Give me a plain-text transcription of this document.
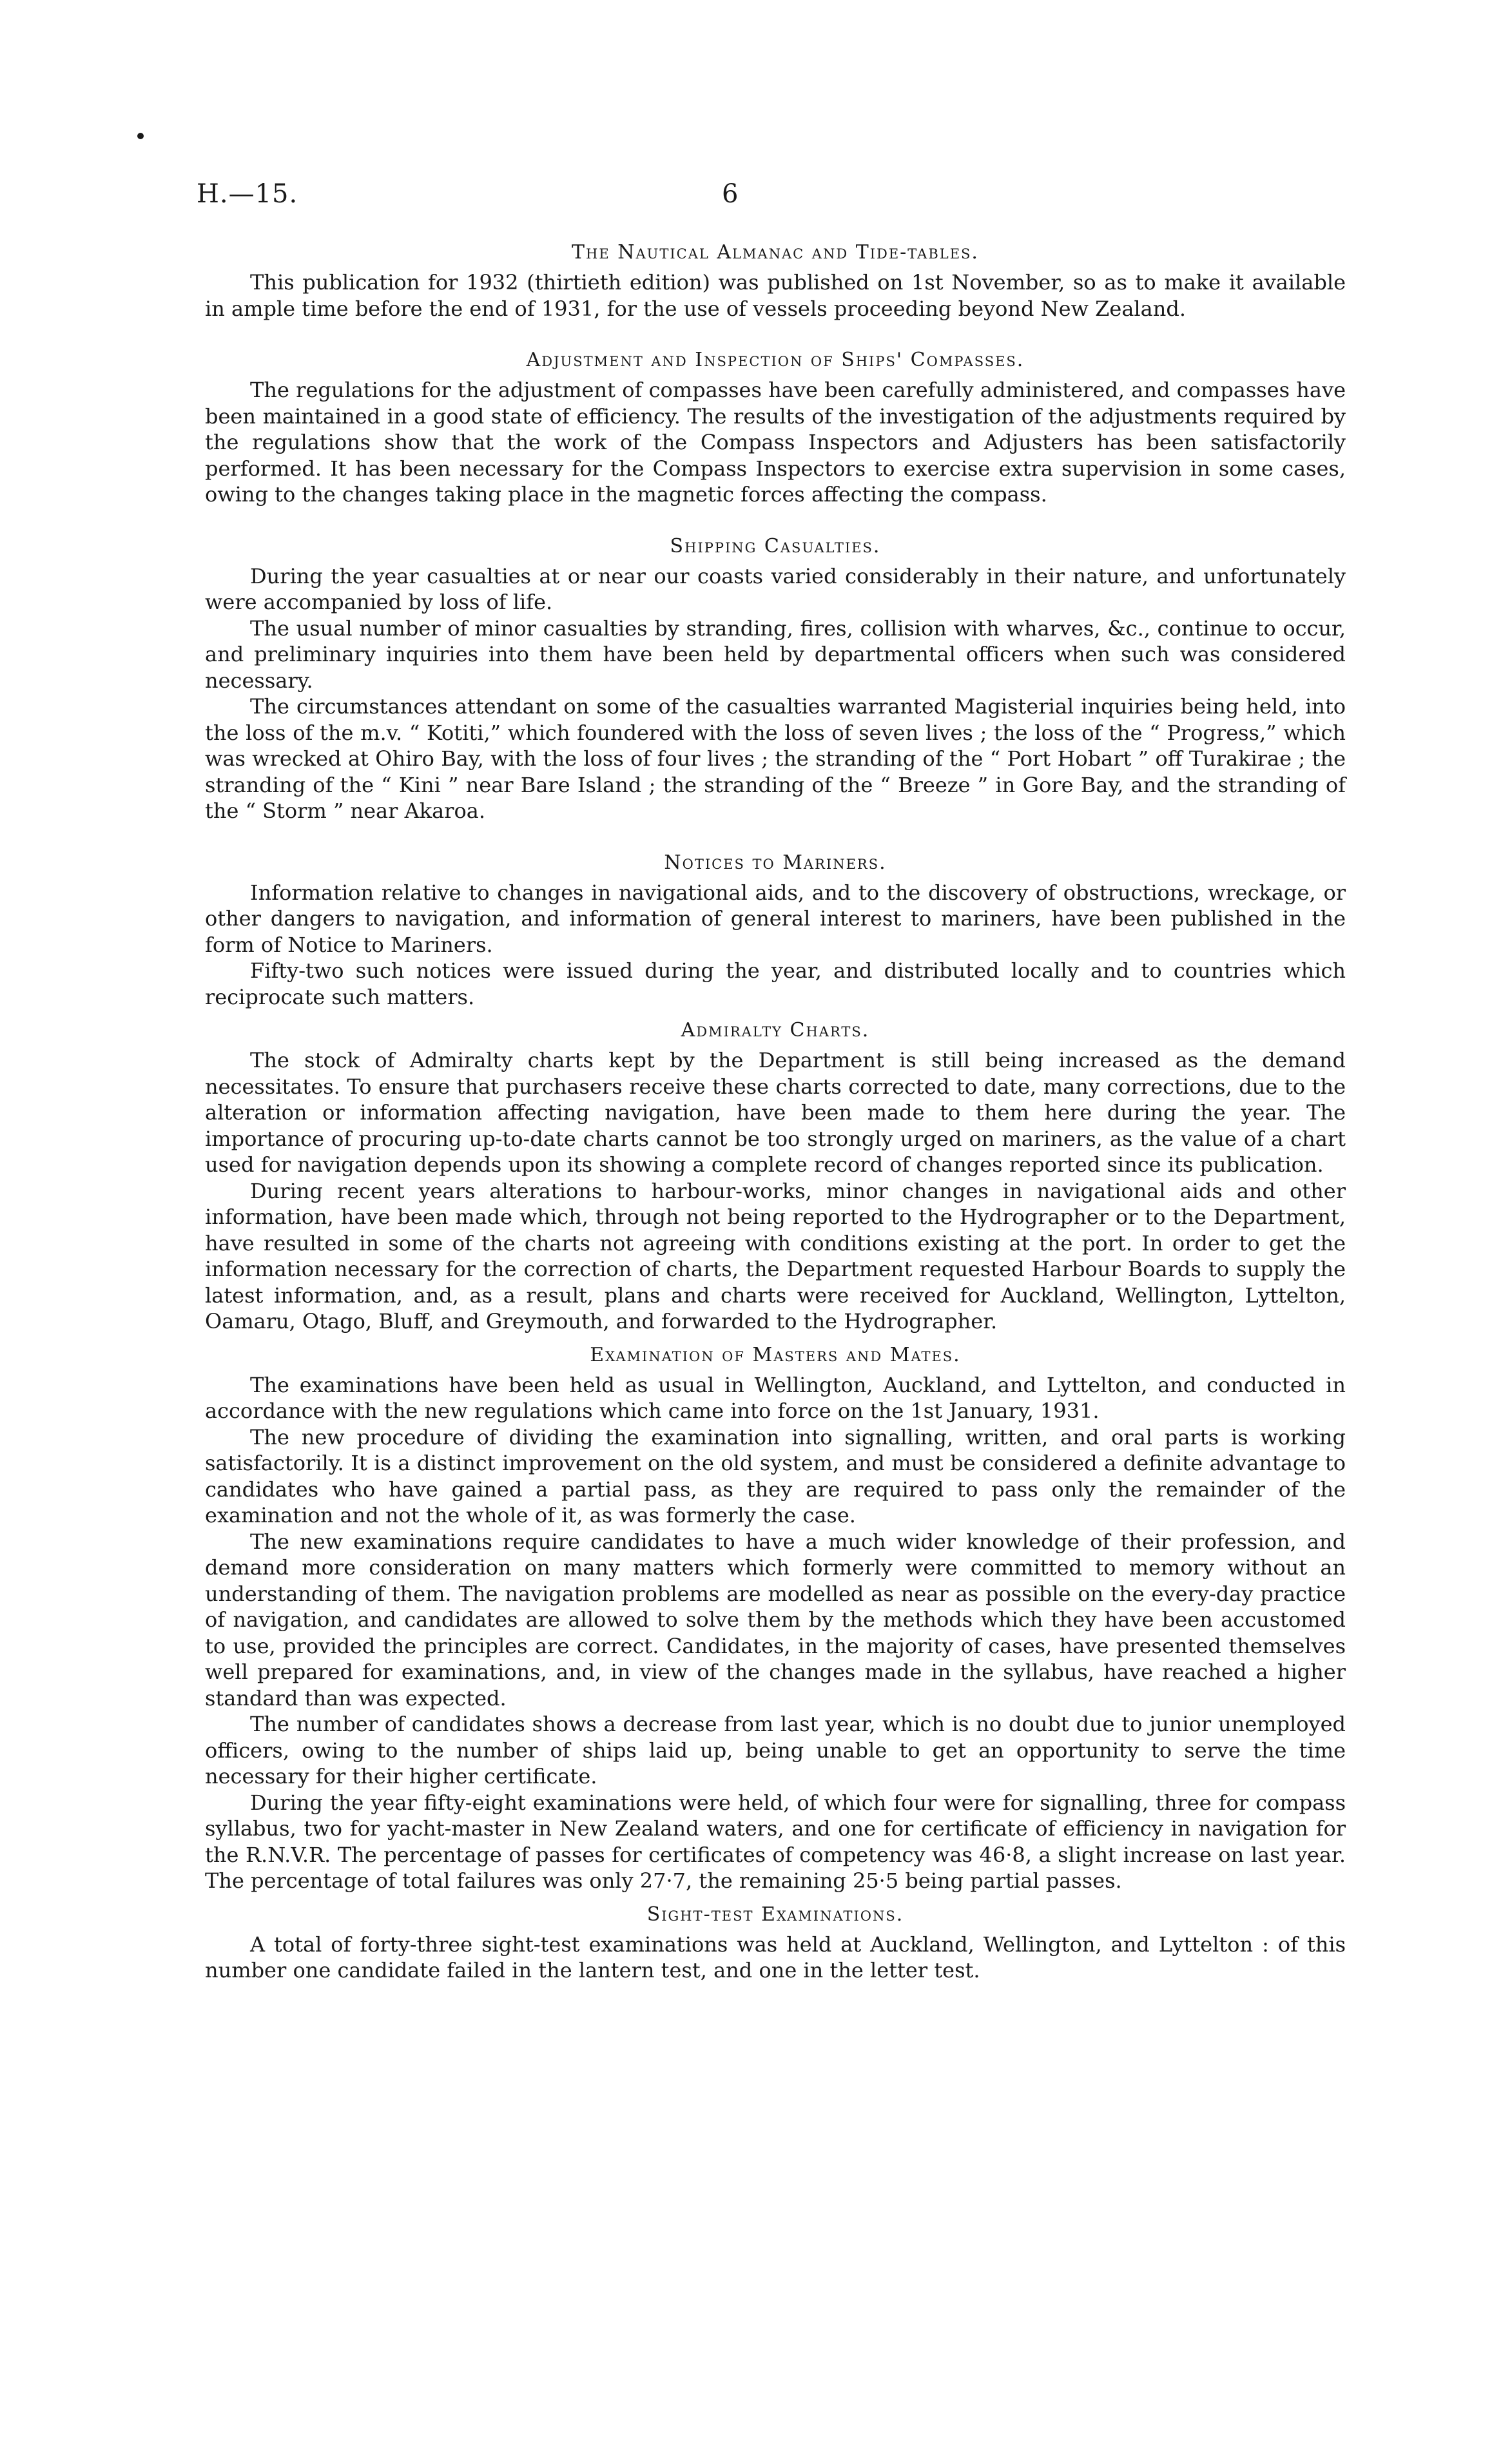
H.—15.	6
The Nautical Almanac and Tide-tables.

This publication for 1932 (thirtieth edition) was published on 1st November, so as to make it available in ample time before the end of 1931, for the use of vessels proceeding beyond New Zealand.

Adjustment and Inspection of Ships' Compasses.

The regulations for the adjustment of compasses have been carefully administered, and compasses have been maintained in a good state of efficiency. The results of the investigation of the adjustments required by the regulations show that the work of the Compass Inspectors and Adjusters has been satisfactorily performed. It has been necessary for the Compass Inspectors to exercise extra supervision in some cases, owing to the changes taking place in the magnetic forces affecting the compass.

Shipping Casualties.

During the year casualties at or near our coasts varied considerably in their nature, and unfortunately were accompanied by loss of life.

The usual number of minor casualties by stranding, fires, collision with wharves, &c., continue to occur, and preliminary inquiries into them have been held by departmental officers when such was considered necessary.

The circumstances attendant on some of the casualties warranted Magisterial inquiries being held, into the loss of the m.v. “ Kotiti,” which foundered with the loss of seven lives ; the loss of the “ Progress,” which was wrecked at Ohiro Bay, with the loss of four lives ; the stranding of the “ Port Hobart ” off Turakirae ; the stranding of the “ Kini ” near Bare Island ; the stranding of the “ Breeze ” in Gore Bay, and the stranding of the “ Storm ” near Akaroa.

Notices to Mariners.

Information relative to changes in navigational aids, and to the discovery of obstructions, wreckage, or other dangers to navigation, and information of general interest to mariners, have been published in the form of Notice to Mariners.

Fifty-two such notices were issued during the year, and distributed locally and to countries which reciprocate such matters.

Admiralty Charts.

The stock of Admiralty charts kept by the Department is still being increased as the demand necessitates. To ensure that purchasers receive these charts corrected to date, many corrections, due to the alteration or information affecting navigation, have been made to them here during the year. The importance of procuring up-to-date charts cannot be too strongly urged on mariners, as the value of a chart used for navigation depends upon its showing a complete record of changes reported since its publication.

During recent years alterations to harbour-works, minor changes in navigational aids and other information, have been made which, through not being reported to the Hydrographer or to the Department, have resulted in some of the charts not agreeing with conditions existing at the port. In order to get the information necessary for the correction of charts, the Department requested Harbour Boards to supply the latest information, and, as a result, plans and charts were received for Auckland, Wellington, Lyttelton, Oamaru, Otago, Bluff, and Greymouth, and forwarded to the Hydrographer.

Examination of Masters and Mates.

The examinations have been held as usual in Wellington, Auckland, and Lyttelton, and conducted in accordance with the new regulations which came into force on the 1st January, 1931.

The new procedure of dividing the examination into signalling, written, and oral parts is working satisfactorily. It is a distinct improvement on the old system, and must be considered a definite advantage to candidates who have gained a partial pass, as they are required to pass only the remainder of the examination and not the whole of it, as was formerly the case.

The new examinations require candidates to have a much wider knowledge of their profession, and demand more consideration on many matters which formerly were committed to memory without an understanding of them. The navigation problems are modelled as near as possible on the every-day practice of navigation, and candidates are allowed to solve them by the methods which they have been accustomed to use, provided the principles are correct. Candidates, in the majority of cases, have presented themselves well prepared for examinations, and, in view of the changes made in the syllabus, have reached a higher standard than was expected.

The number of candidates shows a decrease from last year, which is no doubt due to junior unemployed officers, owing to the number of ships laid up, being unable to get an opportunity to serve the time necessary for their higher certificate.

During the year fifty-eight examinations were held, of which four were for signalling, three for compass syllabus, two for yacht-master in New Zealand waters, and one for certificate of efficiency in navigation for the R.N.V.R. The percentage of passes for certificates of competency was 46·8, a slight increase on last year. The percentage of total failures was only 27·7, the remaining 25·5 being partial passes.

Sight-test Examinations.

A total of forty-three sight-test examinations was held at Auckland, Wellington, and Lyttelton : of this number one candidate failed in the lantern test, and one in the letter test.
